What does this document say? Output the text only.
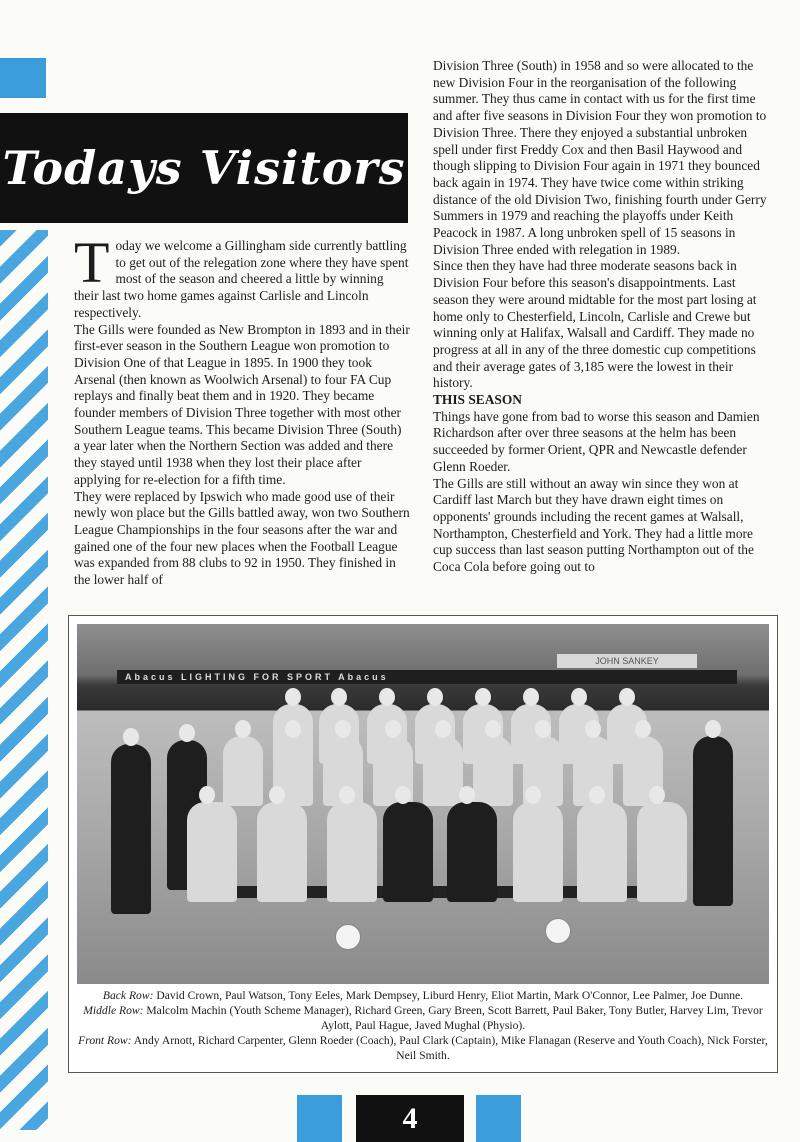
Todays Visitors

Today we welcome a Gillingham side currently battling to get out of the relegation zone where they have spent most of the season and cheered a little by winning their last two home games against Carlisle and Lincoln respectively.

The Gills were founded as New Brompton in 1893 and in their first-ever season in the Southern League won promotion to Division One of that League in 1895. In 1900 they took Arsenal (then known as Woolwich Arsenal) to four FA Cup replays and finally beat them and in 1920. They became founder members of Division Three together with most other Southern League teams. This became Division Three (South) a year later when the Northern Section was added and there they stayed until 1938 when they lost their place after applying for re-election for a fifth time.

They were replaced by Ipswich who made good use of their newly won place but the Gills battled away, won two Southern League Championships in the four seasons after the war and gained one of the four new places when the Football League was expanded from 88 clubs to 92 in 1950. They finished in the lower half of

Division Three (South) in 1958 and so were allocated to the new Division Four in the reorganisation of the following summer. They thus came in contact with us for the first time and after five seasons in Division Four they won promotion to Division Three. There they enjoyed a substantial unbroken spell under first Freddy Cox and then Basil Haywood and though slipping to Division Four again in 1971 they bounced back again in 1974. They have twice come within striking distance of the old Division Two, finishing fourth under Gerry Summers in 1979 and reaching the playoffs under Keith Peacock in 1987. A long unbroken spell of 15 seasons in Division Three ended with relegation in 1989.

Since then they have had three moderate seasons back in Division Four before this season's disappointments. Last season they were around midtable for the most part losing at home only to Chesterfield, Lincoln, Carlisle and Crewe but winning only at Halifax, Walsall and Cardiff. They made no progress at all in any of the three domestic cup competitions and their average gates of 3,185 were the lowest in their history.

THIS SEASON

Things have gone from bad to worse this season and Damien Richardson after over three seasons at the helm has been succeeded by former Orient, QPR and Newcastle defender Glenn Roeder.

The Gills are still without an away win since they won at Cardiff last March but they have drawn eight times on opponents' grounds including the recent games at Walsall, Northampton, Chesterfield and York. They had a little more cup success than last season putting Northampton out of the Coca Cola before going out to

JOHN SANKEY
Abacus LIGHTING FOR SPORT Abacus
Back Row: David Crown, Paul Watson, Tony Eeles, Mark Dempsey, Liburd Henry, Eliot Martin, Mark O'Connor, Lee Palmer, Joe Dunne.
Middle Row: Malcolm Machin (Youth Scheme Manager), Richard Green, Gary Breen, Scott Barrett, Paul Baker, Tony Butler, Harvey Lim, Trevor Aylott, Paul Hague, Javed Mughal (Physio).
Front Row: Andy Arnott, Richard Carpenter, Glenn Roeder (Coach), Paul Clark (Captain), Mike Flanagan (Reserve and Youth Coach), Nick Forster, Neil Smith.
4
